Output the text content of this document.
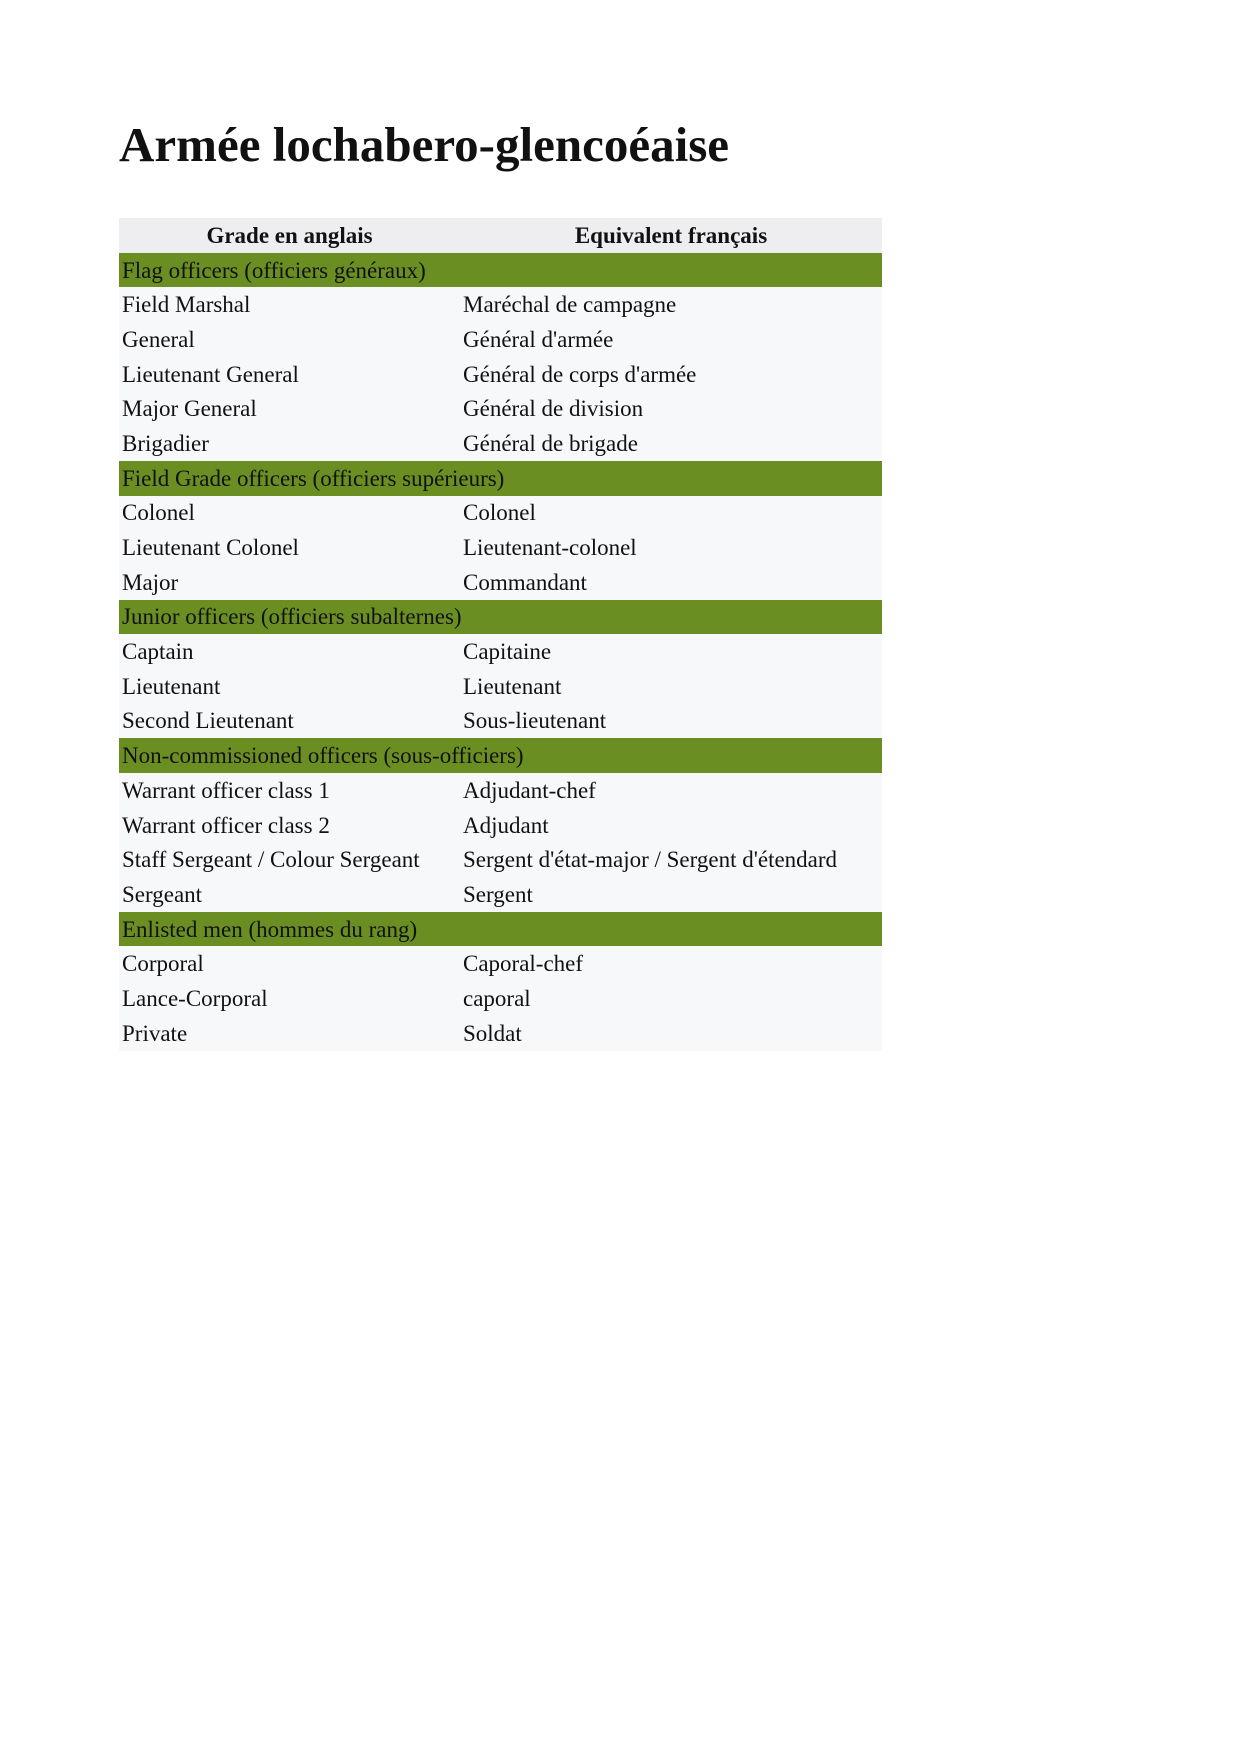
Armée lochabero-glencoéaise
Grade en anglais	Equivalent français
Flag officers (officiers généraux)	
Field Marshal	Maréchal de campagne
General	Général d'armée
Lieutenant General	Général de corps d'armée
Major General	Général de division
Brigadier	Général de brigade
Field Grade officers (officiers supérieurs)	
Colonel	Colonel
Lieutenant Colonel	Lieutenant-colonel
Major	Commandant
Junior officers (officiers subalternes)	
Captain	Capitaine
Lieutenant	Lieutenant
Second Lieutenant	Sous-lieutenant
Non-commissioned officers (sous-officiers)	
Warrant officer class 1	Adjudant-chef
Warrant officer class 2	Adjudant
Staff Sergeant / Colour Sergeant	Sergent d'état-major / Sergent d'étendard
Sergeant	Sergent
Enlisted men (hommes du rang)	
Corporal	Caporal-chef
Lance-Corporal	caporal
Private	Soldat
